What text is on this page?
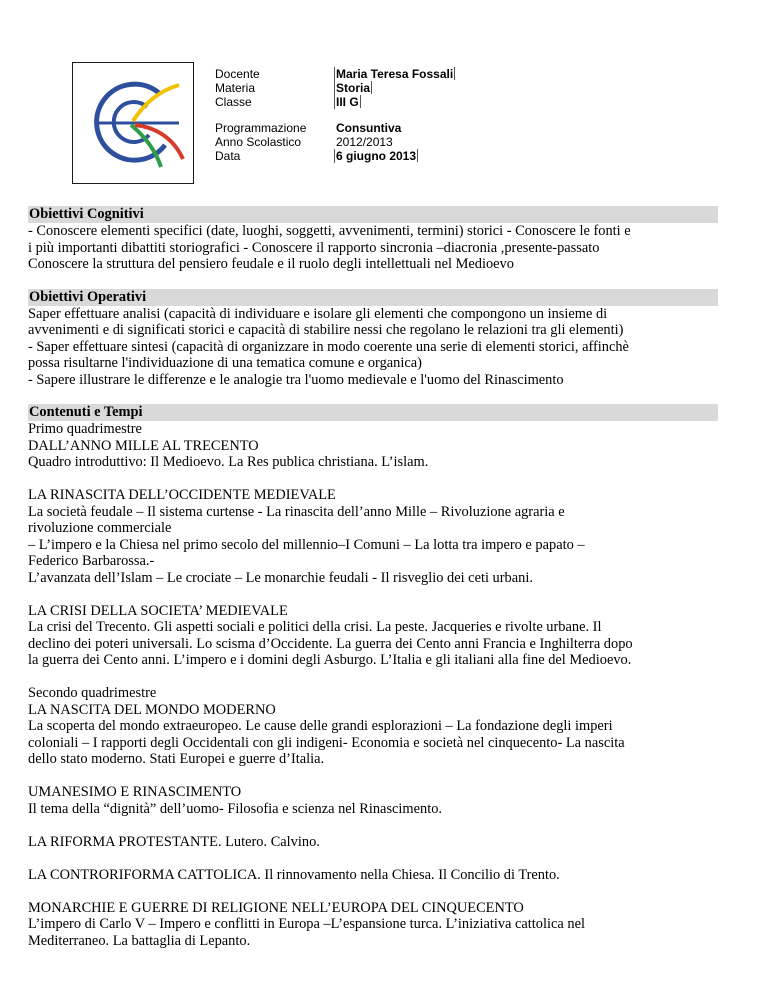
Docente
Materia
Classe
Maria Teresa Fossali
Storia
III G
Programmazione
Anno Scolastico
Data
Consuntiva
2012/2013
6 giugno 2013
Obiettivi Cognitivi
- Conoscere elementi specifici (date, luoghi, soggetti, avvenimenti, termini) storici - Conoscere le fonti e
i più importanti dibattiti storiografici - Conoscere il rapporto sincronia –diacronia ,presente-passato
Conoscere la struttura del pensiero feudale e il ruolo degli intellettuali nel Medioevo
Obiettivi Operativi
Saper effettuare analisi (capacità di individuare e isolare gli elementi che compongono un insieme di
avvenimenti e di significati storici e capacità di stabilire nessi che regolano le relazioni tra gli elementi)
- Saper effettuare sintesi (capacità di organizzare in modo coerente una serie di elementi storici, affinchè
possa risultarne l'individuazione di una tematica comune e organica)
- Sapere illustrare le differenze e le analogie tra l'uomo medievale e l'uomo del Rinascimento
Contenuti e Tempi
Primo quadrimestre
DALL’ANNO MILLE AL TRECENTO
Quadro introduttivo: Il Medioevo. La Res publica christiana. L’islam.
LA RINASCITA DELL’OCCIDENTE MEDIEVALE
La società feudale – Il sistema curtense - La rinascita dell’anno Mille – Rivoluzione agraria e
rivoluzione commerciale
– L’impero e la Chiesa nel primo secolo del millennio–I Comuni – La lotta tra impero e papato –
Federico Barbarossa.-
L’avanzata dell’Islam – Le crociate – Le monarchie feudali - Il risveglio dei ceti urbani.
LA CRISI DELLA SOCIETA’ MEDIEVALE
La crisi del Trecento. Gli aspetti sociali e politici della crisi. La peste. Jacqueries e rivolte urbane. Il
declino dei poteri universali. Lo scisma d’Occidente. La guerra dei Cento anni Francia e Inghilterra dopo
la guerra dei Cento anni. L’impero e i domini degli Asburgo. L’Italia e gli italiani alla fine del Medioevo.
Secondo quadrimestre
LA NASCITA DEL MONDO MODERNO
La scoperta del mondo extraeuropeo. Le cause delle grandi esplorazioni – La fondazione degli imperi
coloniali – I rapporti degli Occidentali con gli indigeni- Economia e società nel cinquecento- La nascita
dello stato moderno. Stati Europei e guerre d’Italia.
UMANESIMO E RINASCIMENTO
Il tema della “dignità” dell’uomo- Filosofia e scienza nel Rinascimento.
LA RIFORMA PROTESTANTE. Lutero. Calvino.
LA CONTRORIFORMA CATTOLICA. Il rinnovamento nella Chiesa. Il Concilio di Trento.
MONARCHIE E GUERRE DI RELIGIONE NELL’EUROPA DEL CINQUECENTO
L’impero di Carlo V – Impero e conflitti in Europa –L’espansione turca. L’iniziativa cattolica nel
Mediterraneo. La battaglia di Lepanto.
